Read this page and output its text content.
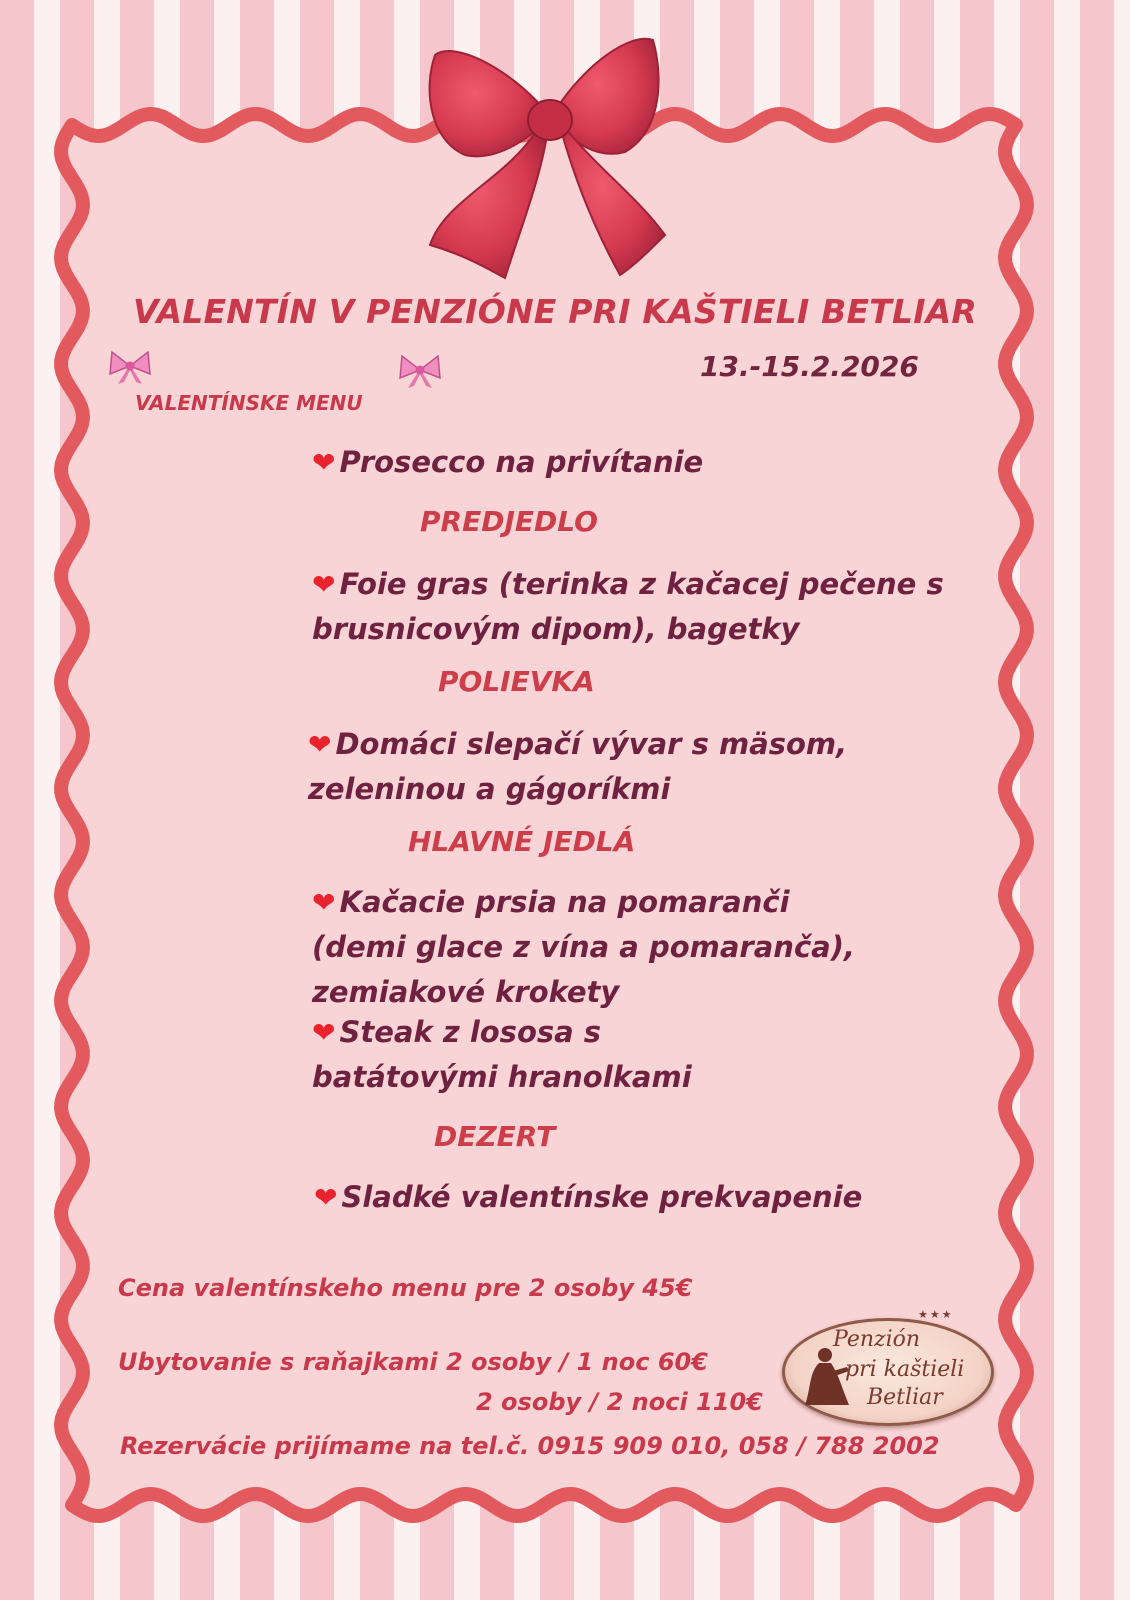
VALENTÍN V PENZIÓNE PRI KAŠTIELI BETLIAR
13.-15.2.2026
VALENTÍNSKE MENU
❤ Prosecco na privítanie
PREDJEDLO
❤ Foie gras (terinka z kačacej pečene s
brusnicovým dipom), bagetky
POLIEVKA
❤ Domáci slepačí vývar s mäsom,
zeleninou a gágoríkmi
HLAVNÉ JEDLÁ
❤ Kačacie prsia na pomaranči
(demi glace z vína a pomaranča),
zemiakové krokety
❤ Steak z lososa s
batátovými hranolkami
DEZERT
❤ Sladké valentínske prekvapenie
Cena valentínskeho menu pre 2 osoby 45€
Ubytovanie s raňajkami 2 osoby / 1 noc 60€
2 osoby / 2 noci 110€
Rezervácie prijímame na tel.č. 0915 909 010, 058 / 788 2002
★★★
Penzión
pri kaštieli
Betliar
